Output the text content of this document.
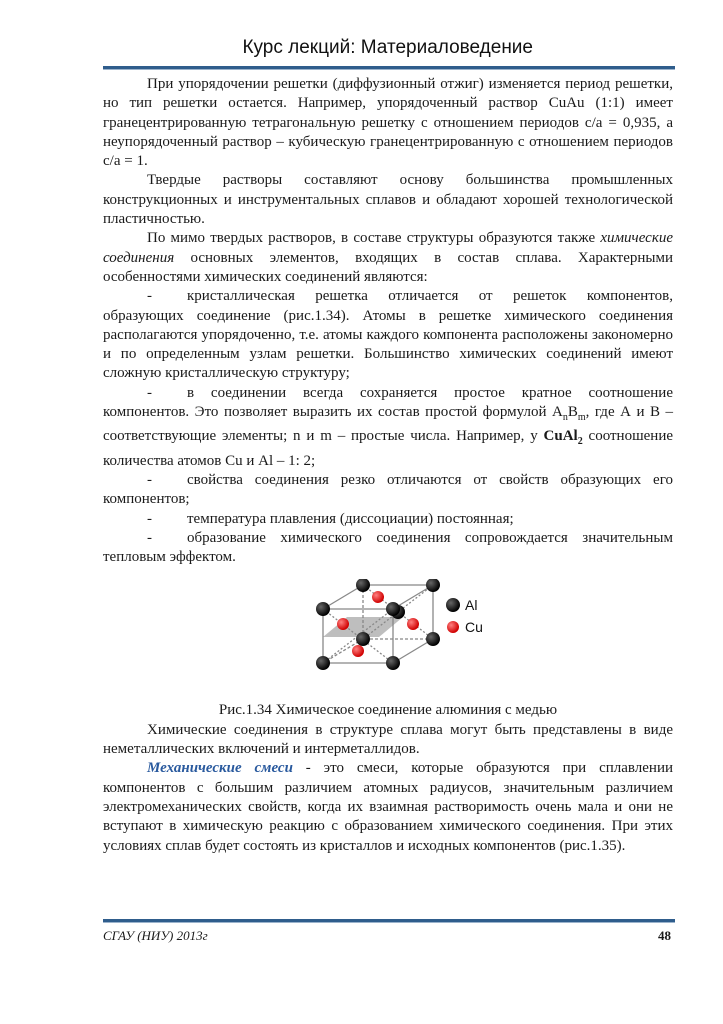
Курс лекций: Материаловедение

При упорядочении решетки (диффузионный отжиг) изменяется период решетки, но тип решетки остается. Например, упорядоченный раствор CuAu (1:1) имеет гранецентрированную тетрагональную решетку с отношением периодов с/а = 0,935, а неупорядоченный раствор – кубическую гранецентрированную с отношением периодов с/а = 1.

Твердые растворы составляют основу большинства промышленных конструкционных и инструментальных сплавов и обладают хорошей технологической пластичностью.

По мимо твердых растворов, в составе структуры образуются также химические соединения основных элементов, входящих в состав сплава. Характерными особенностями химических соединений являются:

- кристаллическая решетка отличается от решеток компонентов, образующих соединение (рис.1.34). Атомы в решетке химического соединения располагаются упорядоченно, т.е. атомы каждого компонента расположены закономерно и по определенным узлам решетки. Большинство химических соединений имеют сложную кристаллическую структуру;

- в соединении всегда сохраняется простое кратное соотношение компонентов. Это позволяет выразить их состав простой формулой $A_nB_m$, где А и В – соответствующие элементы; n и m – простые числа. Например, у CuAl$_2$ соотношение количества атомов Cu и Al – 1: 2;

- свойства соединения резко отличаются от свойств образующих его компонентов;

- температура плавления (диссоциации) постоянная;

- образование химического соединения сопровождается значительным тепловым эффектом.

Al
Cu

Рис.1.34 Химическое соединение алюминия с медью

Химические соединения в структуре сплава могут быть представлены в виде неметаллических включений и интерметаллидов.

Механические смеси - это смеси, которые образуются при сплавлении компонентов с большим различием атомных радиусов, значительным различием электромеханических свойств, когда их взаимная растворимость очень мала и они не вступают в химическую реакцию с образованием химического соединения. При этих условиях сплав будет состоять из кристаллов и исходных компонентов (рис.1.35).

СГАУ (НИУ) 2013г	48
